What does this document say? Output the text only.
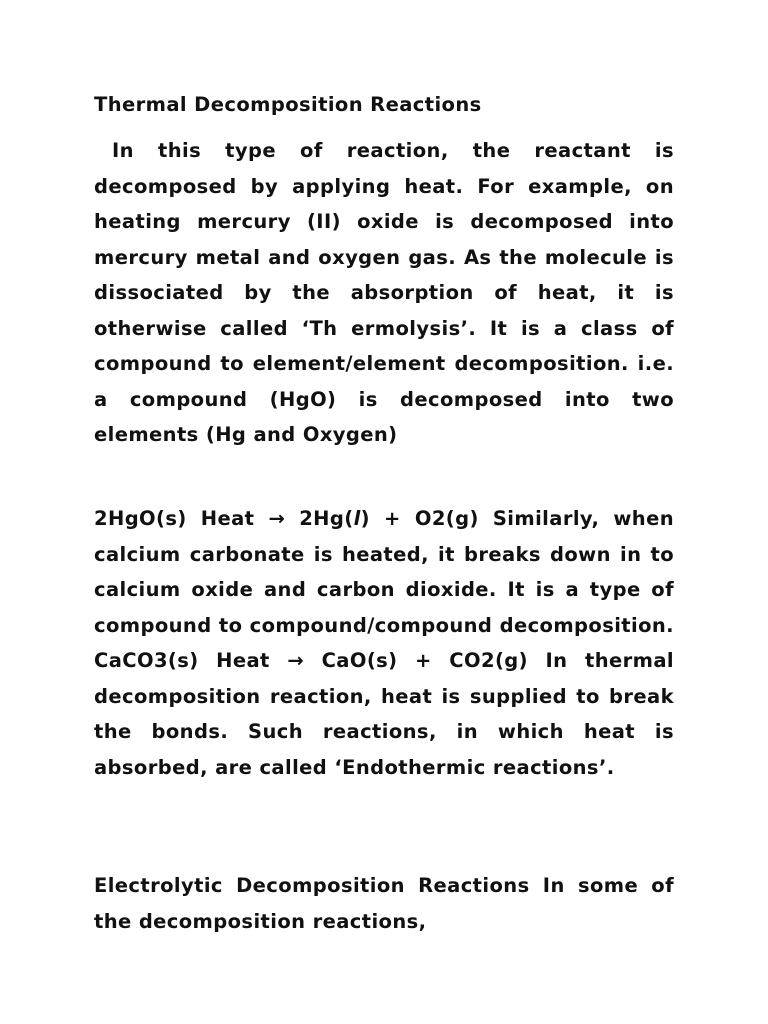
Thermal Decomposition Reactions

In this type of reaction, the reactant is decomposed by applying heat. For example, on heating mercury (II) oxide is decomposed into mercury metal and oxygen gas. As the molecule is dissociated by the absorption of heat, it is otherwise called ‘Th ermolysis’. It is a class of compound to element/element decomposition. i.e. a compound (HgO) is decomposed into two elements (Hg and Oxygen)

2HgO(s) Heat → 2Hg(l) + O2(g) Similarly, when calcium carbonate is heated, it breaks down in to calcium oxide and carbon dioxide. It is a type of compound to compound/compound decomposition. CaCO3(s) Heat → CaO(s) + CO2(g) In thermal decomposition reaction, heat is supplied to break the bonds. Such reactions, in which heat is absorbed, are called ‘Endothermic reactions’.

Electrolytic Decomposition Reactions In some of the decomposition reactions,
